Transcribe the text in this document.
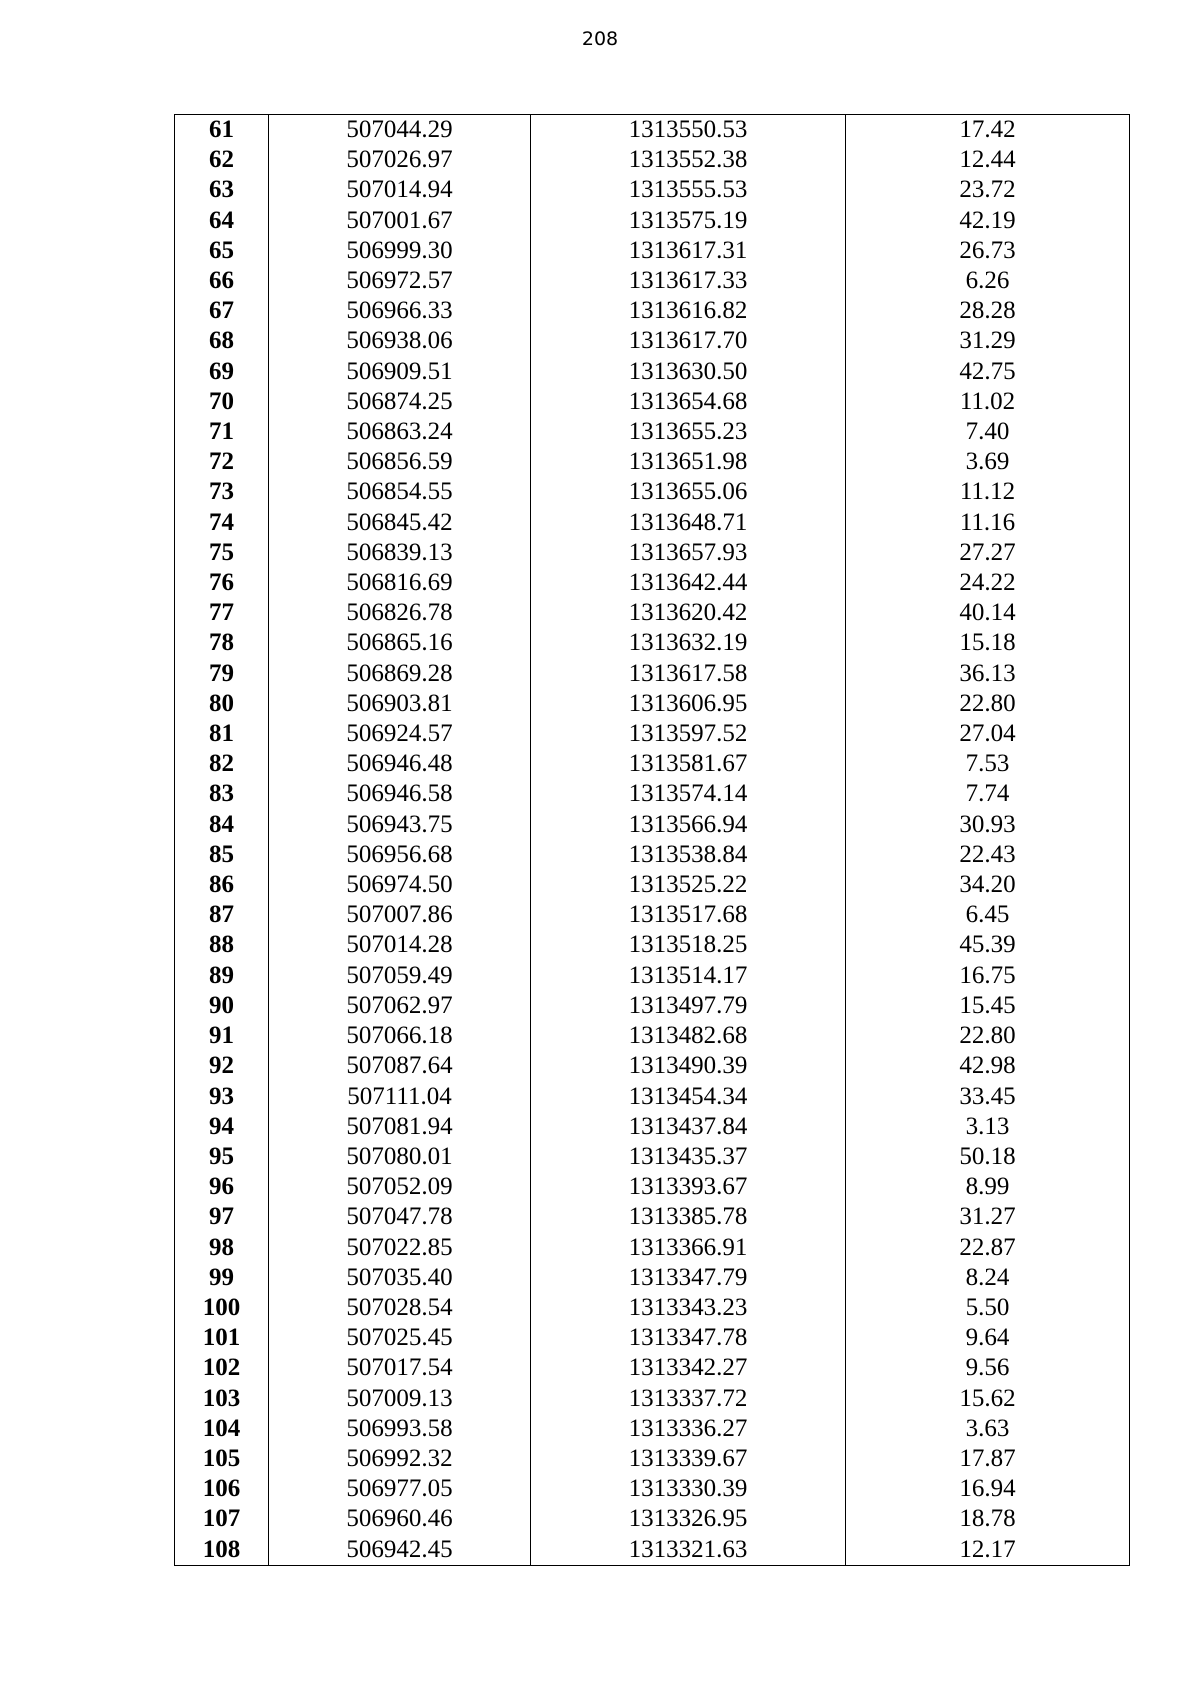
208
61	507044.29	1313550.53	17.42
62	507026.97	1313552.38	12.44
63	507014.94	1313555.53	23.72
64	507001.67	1313575.19	42.19
65	506999.30	1313617.31	26.73
66	506972.57	1313617.33	6.26
67	506966.33	1313616.82	28.28
68	506938.06	1313617.70	31.29
69	506909.51	1313630.50	42.75
70	506874.25	1313654.68	11.02
71	506863.24	1313655.23	7.40
72	506856.59	1313651.98	3.69
73	506854.55	1313655.06	11.12
74	506845.42	1313648.71	11.16
75	506839.13	1313657.93	27.27
76	506816.69	1313642.44	24.22
77	506826.78	1313620.42	40.14
78	506865.16	1313632.19	15.18
79	506869.28	1313617.58	36.13
80	506903.81	1313606.95	22.80
81	506924.57	1313597.52	27.04
82	506946.48	1313581.67	7.53
83	506946.58	1313574.14	7.74
84	506943.75	1313566.94	30.93
85	506956.68	1313538.84	22.43
86	506974.50	1313525.22	34.20
87	507007.86	1313517.68	6.45
88	507014.28	1313518.25	45.39
89	507059.49	1313514.17	16.75
90	507062.97	1313497.79	15.45
91	507066.18	1313482.68	22.80
92	507087.64	1313490.39	42.98
93	507111.04	1313454.34	33.45
94	507081.94	1313437.84	3.13
95	507080.01	1313435.37	50.18
96	507052.09	1313393.67	8.99
97	507047.78	1313385.78	31.27
98	507022.85	1313366.91	22.87
99	507035.40	1313347.79	8.24
100	507028.54	1313343.23	5.50
101	507025.45	1313347.78	9.64
102	507017.54	1313342.27	9.56
103	507009.13	1313337.72	15.62
104	506993.58	1313336.27	3.63
105	506992.32	1313339.67	17.87
106	506977.05	1313330.39	16.94
107	506960.46	1313326.95	18.78
108	506942.45	1313321.63	12.17
